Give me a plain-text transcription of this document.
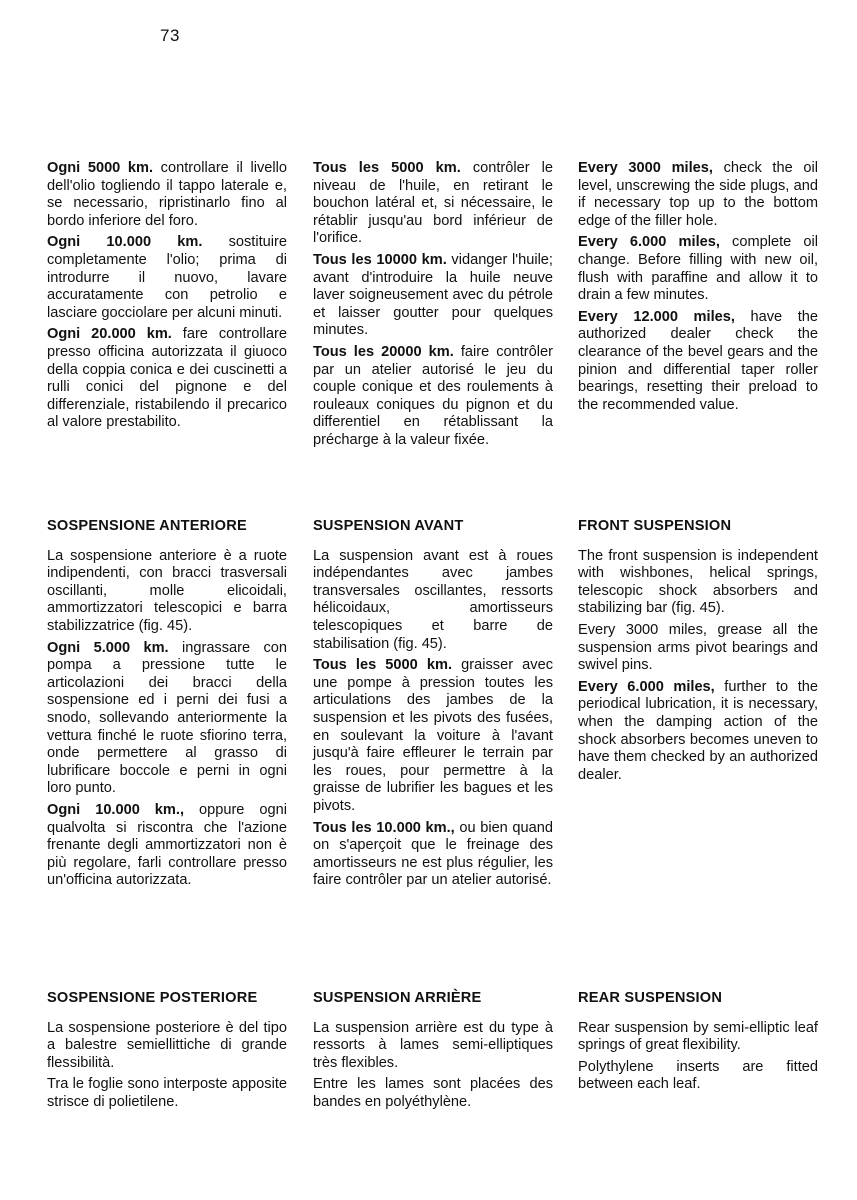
73

Ogni 5000 km. controllare il livello dell'olio togliendo il tappo laterale e, se necessario, ripristinarlo fino al bordo inferiore del foro.

Ogni 10.000 km. sostituire completamente l'olio; prima di introdurre il nuovo, lavare accuratamente con petrolio e lasciare gocciolare per alcuni minuti.

Ogni 20.000 km. fare controllare presso officina autorizzata il giuoco della coppia conica e dei cuscinetti a rulli conici del pignone e del differenziale, ristabilendo il precarico al valore prestabilito.

Tous les 5000 km. contrôler le niveau de l'huile, en retirant le bouchon latéral et, si nécessaire, le rétablir jusqu'au bord inférieur de l'orifice.

Tous les 10000 km. vidanger l'huile; avant d'introduire la huile neuve laver soigneusement avec du pétrole et laisser goutter pour quelques minutes.

Tous les 20000 km. faire contrôler par un atelier autorisé le jeu du couple conique et des roulements à rouleaux coniques du pignon et du differentiel en rétablissant la précharge à la valeur fixée.

Every 3000 miles, check the oil level, unscrewing the side plugs, and if necessary top up to the bottom edge of the filler hole.

Every 6.000 miles, complete oil change. Before filling with new oil, flush with paraffine and allow it to drain a few minutes.

Every 12.000 miles, have the authorized dealer check the clearance of the bevel gears and the pinion and differential taper roller bearings, resetting their preload to the recommended value.

SOSPENSIONE ANTERIORE

La sospensione anteriore è a ruote indipendenti, con bracci trasversali oscillanti, molle elicoidali, ammortizzatori telescopici e barra stabilizzatrice (fig. 45).

Ogni 5.000 km. ingrassare con pompa a pressione tutte le articolazioni dei bracci della sospensione ed i perni dei fusi a snodo, sollevando anteriormente la vettura finché le ruote sfiorino terra, onde permettere al grasso di lubrificare boccole e perni in ogni loro punto.

Ogni 10.000 km., oppure ogni qualvolta si riscontra che l'azione frenante degli ammortizzatori non è più regolare, farli controllare presso un'officina autorizzata.

SUSPENSION AVANT

La suspension avant est à roues indépendantes avec jambes transversales oscillantes, ressorts hélicoidaux, amortisseurs telescopiques et barre de stabilisation (fig. 45).

Tous les 5000 km. graisser avec une pompe à pression toutes les articulations des jambes de la suspension et les pivots des fusées, en soulevant la voiture à l'avant jusqu'à faire effleurer le terrain par les roues, pour permettre à la graisse de lubrifier les bagues et les pivots.

Tous les 10.000 km., ou bien quand on s'aperçoit que le freinage des amortisseurs ne est plus régulier, les faire contrôler par un atelier autorisé.

FRONT SUSPENSION

The front suspension is independent with wishbones, helical springs, telescopic shock absorbers and stabilizing bar (fig. 45).

Every 3000 miles, grease all the suspension arms pivot bearings and swivel pins.

Every 6.000 miles, further to the periodical lubrication, it is necessary, when the damping action of the shock absorbers becomes uneven to have them checked by an authorized dealer.

SOSPENSIONE POSTERIORE

La sospensione posteriore è del tipo a balestre semiellittiche di grande flessibilità.

Tra le foglie sono interposte apposite strisce di polietilene.

SUSPENSION ARRIÈRE

La suspension arrière est du type à ressorts à lames semi-elliptiques très flexibles.

Entre les lames sont placées des bandes en polyéthylène.

REAR SUSPENSION

Rear suspension by semi-elliptic leaf springs of great flexibility.

Polythylene inserts are fitted between each leaf.
